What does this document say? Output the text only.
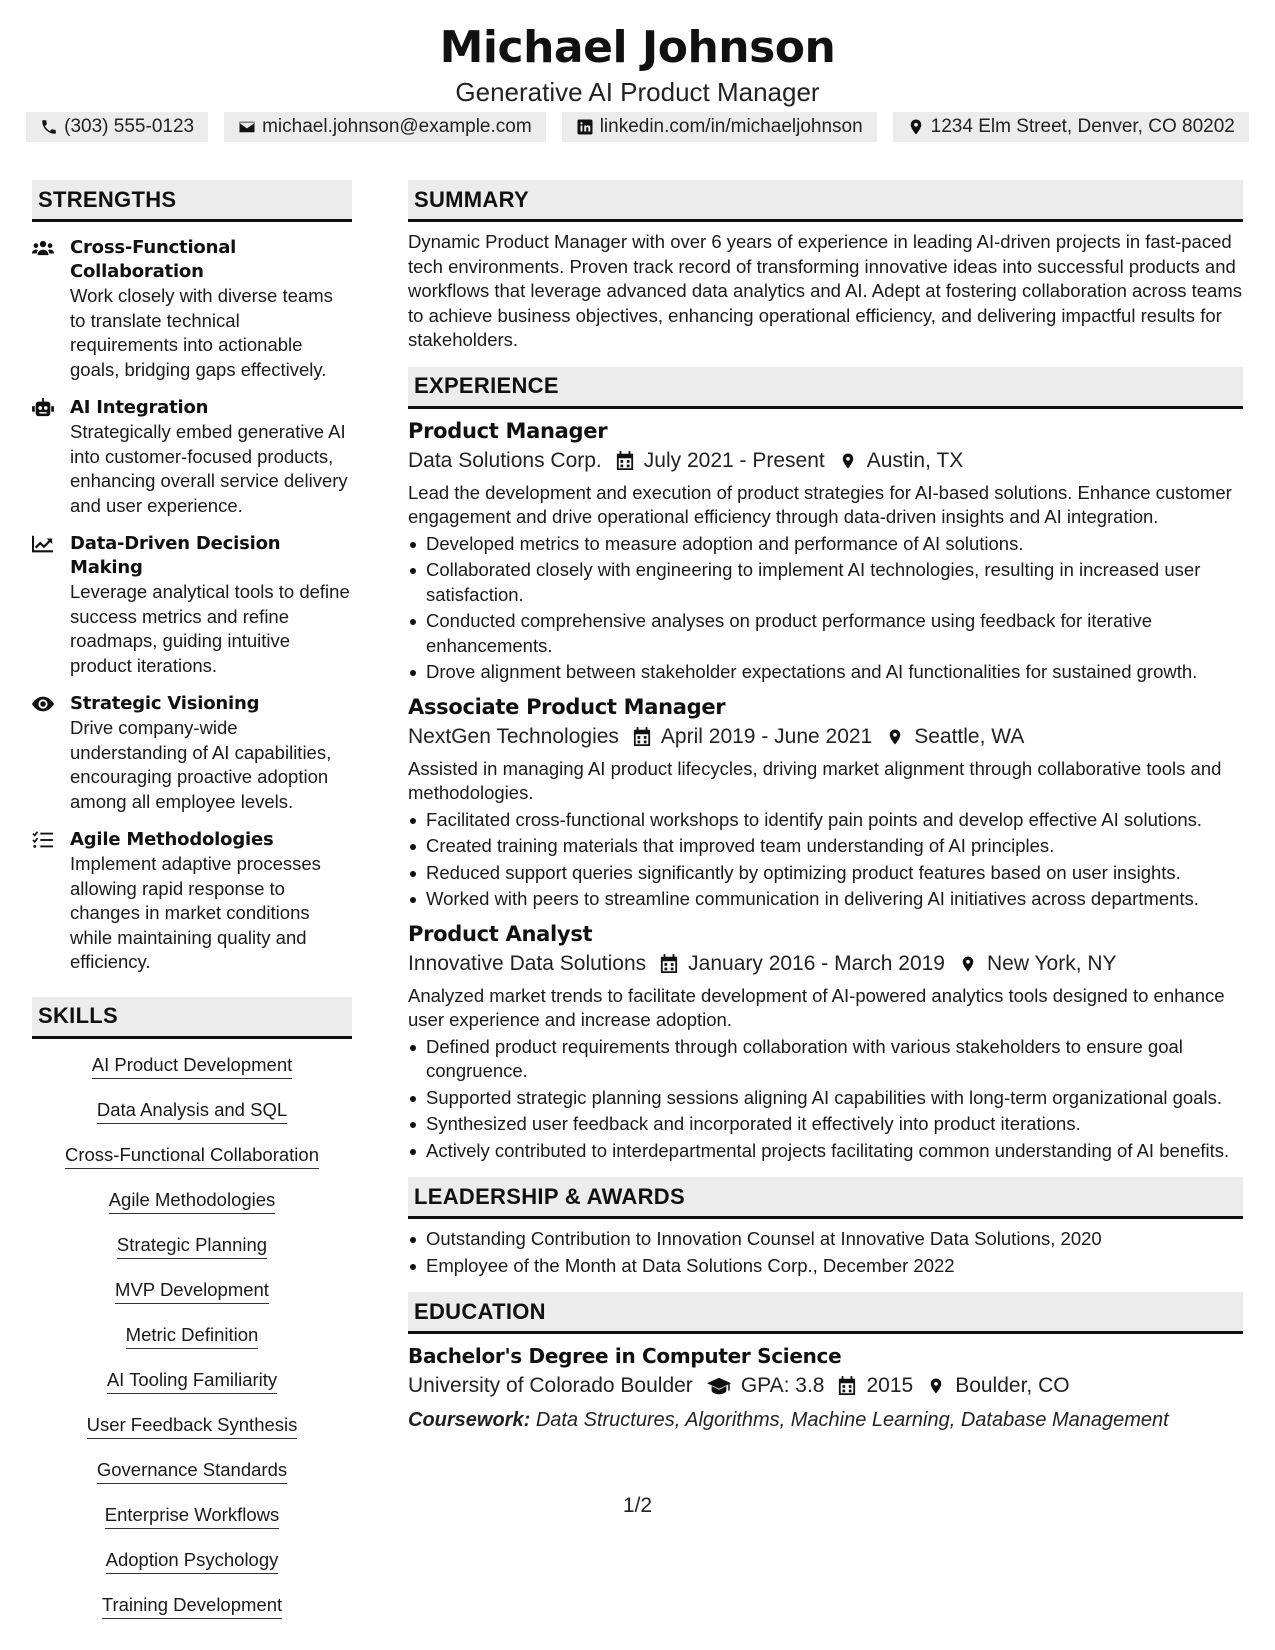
Michael Johnson
Generative AI Product Manager
(303) 555-0123	michael.johnson@example.com	linkedin.com/in/michaeljohnson	1234 Elm Street, Denver, CO 80202
STRENGTHS
Cross-Functional Collaboration
Work closely with diverse teams to translate technical requirements into actionable goals, bridging gaps effectively.
AI Integration
Strategically embed generative AI into customer-focused products, enhancing overall service delivery and user experience.
Data-Driven Decision Making
Leverage analytical tools to define success metrics and refine roadmaps, guiding intuitive product iterations.
Strategic Visioning
Drive company-wide understanding of AI capabilities, encouraging proactive adoption among all employee levels.
Agile Methodologies
Implement adaptive processes allowing rapid response to changes in market conditions while maintaining quality and efficiency.
SKILLS
AI Product Development
Data Analysis and SQL
Cross-Functional Collaboration
Agile Methodologies
Strategic Planning
MVP Development
Metric Definition
AI Tooling Familiarity
User Feedback Synthesis
Governance Standards
Enterprise Workflows
Adoption Psychology
Training Development
SUMMARY
Dynamic Product Manager with over 6 years of experience in leading AI-driven projects in fast-paced tech environments. Proven track record of transforming innovative ideas into successful products and workflows that leverage advanced data analytics and AI. Adept at fostering collaboration across teams to achieve business objectives, enhancing operational efficiency, and delivering impactful results for stakeholders.
EXPERIENCE
Product Manager
Data Solutions Corp. July 2021 - Present Austin, TX
Lead the development and execution of product strategies for AI-based solutions. Enhance customer engagement and drive operational efficiency through data-driven insights and AI integration.
Developed metrics to measure adoption and performance of AI solutions.
Collaborated closely with engineering to implement AI technologies, resulting in increased user satisfaction.
Conducted comprehensive analyses on product performance using feedback for iterative enhancements.
Drove alignment between stakeholder expectations and AI functionalities for sustained growth.
Associate Product Manager
NextGen Technologies April 2019 - June 2021 Seattle, WA
Assisted in managing AI product lifecycles, driving market alignment through collaborative tools and methodologies.
Facilitated cross-functional workshops to identify pain points and develop effective AI solutions.
Created training materials that improved team understanding of AI principles.
Reduced support queries significantly by optimizing product features based on user insights.
Worked with peers to streamline communication in delivering AI initiatives across departments.
Product Analyst
Innovative Data Solutions January 2016 - March 2019 New York, NY
Analyzed market trends to facilitate development of AI-powered analytics tools designed to enhance user experience and increase adoption.
Defined product requirements through collaboration with various stakeholders to ensure goal congruence.
Supported strategic planning sessions aligning AI capabilities with long-term organizational goals.
Synthesized user feedback and incorporated it effectively into product iterations.
Actively contributed to interdepartmental projects facilitating common understanding of AI benefits.
LEADERSHIP & AWARDS
Outstanding Contribution to Innovation Counsel at Innovative Data Solutions, 2020
Employee of the Month at Data Solutions Corp., December 2022
EDUCATION
Bachelor's Degree in Computer Science
University of Colorado Boulder GPA: 3.8 2015 Boulder, CO
Coursework: Data Structures, Algorithms, Machine Learning, Database Management
1/2
